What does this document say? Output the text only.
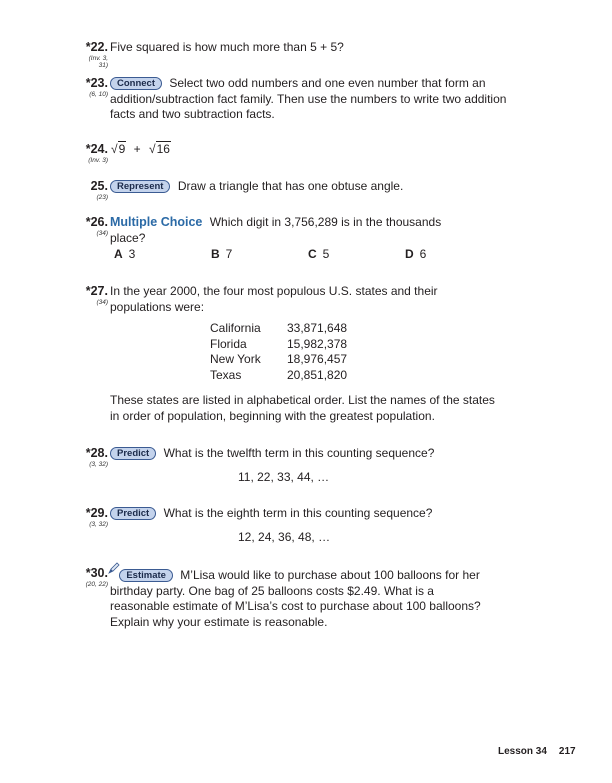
*22.
(Inv. 3,
31)
Five squared is how much more than 5 + 5?
*23.
(6, 10)
Connect Select two odd numbers and one even number that form an addition/subtraction fact family. Then use the numbers to write two addition facts and two subtraction facts.
*24.
(Inv. 3)
√9 + √16
25.
(23)
Represent Draw a triangle that has one obtuse angle.
*26.
(34)
Multiple Choice Which digit in 3,756,289 is in the thousands place?
A 3	B 7	C 5	D 6
*27.
(34)
In the year 2000, the four most populous U.S. states and their populations were:
California 33,871,648
Florida	15,982,378
New York 18,976,457
Texas	20,851,820
These states are listed in alphabetical order. List the names of the states in order of population, beginning with the greatest population.
*28.
(3, 32)
Predict What is the twelfth term in this counting sequence?
11, 22, 33, 44, …
*29.
(3, 32)
Predict What is the eighth term in this counting sequence?
12, 24, 36, 48, …
*30.
(20, 22)
Estimate M’Lisa would like to purchase about 100 balloons for her birthday party. One bag of 25 balloons costs $2.49. What is a reasonable estimate of M’Lisa’s cost to purchase about 100 balloons? Explain why your estimate is reasonable.
Lesson 34 217
